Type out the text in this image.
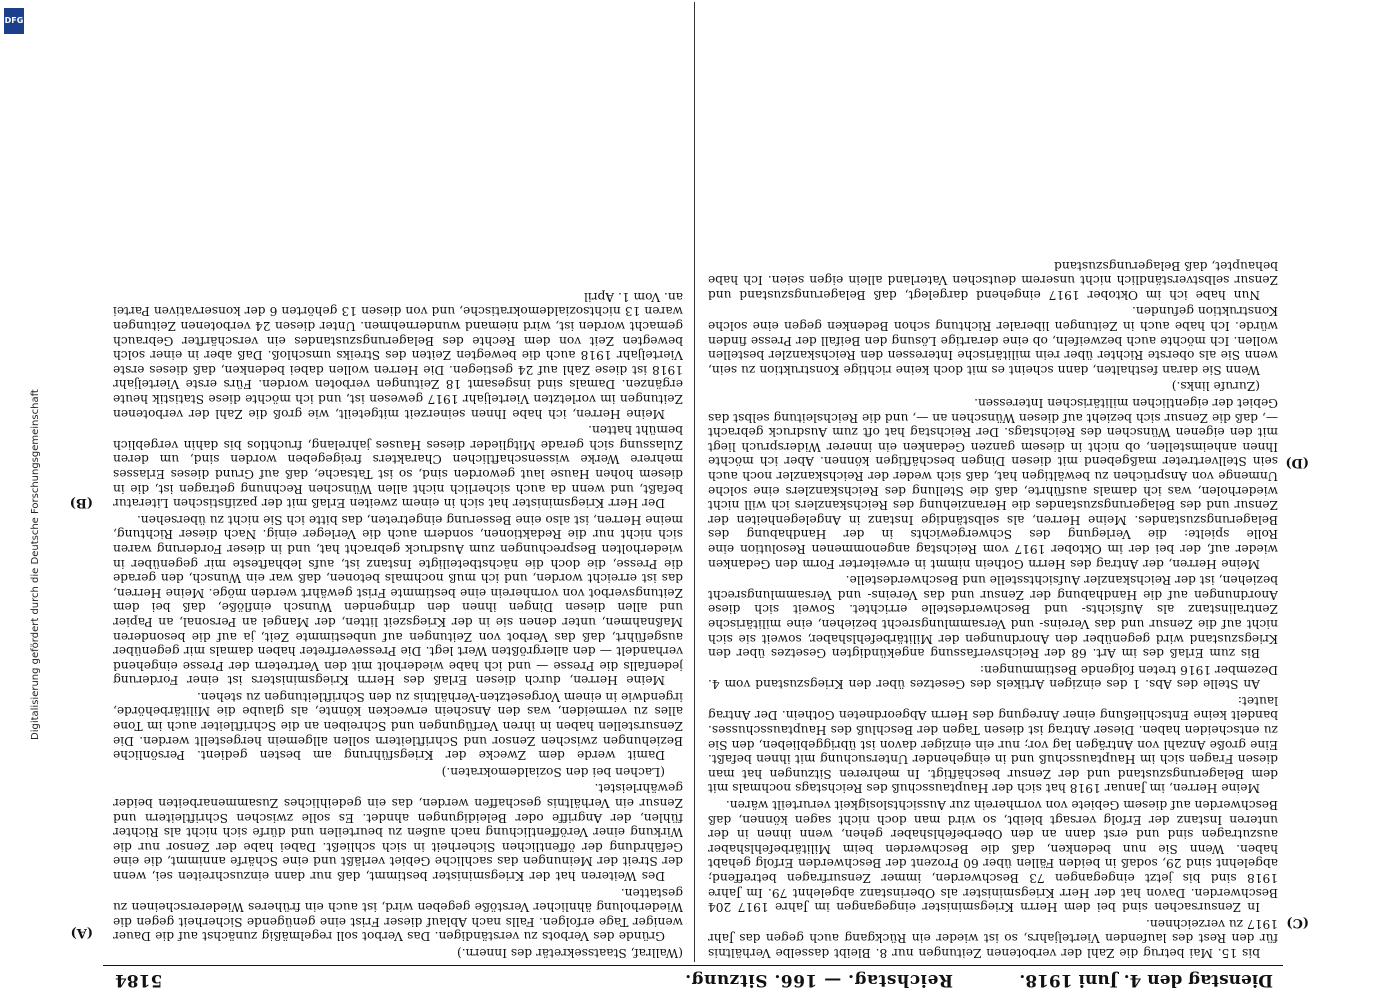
Dienstag den 4. Juni 1918.
Reichstag. — 166. Sitzung.
5184
(A)
(B)
(C)
(D)

bis 15. Mai betrug die Zahl der verbotenen Zeitungen nur 8. Bleibt dasselbe Verhältnis für den Rest des laufenden Vierteljahrs, so ist wieder ein Rückgang auch gegen das Jahr 1917 zu verzeichnen.

In Zensursachen sind bei dem Herrn Kriegsminister eingegangen im Jahre 1917 204 Beschwerden. Davon hat der Herr Kriegsminister als Oberinstanz abgelehnt 79. Im Jahre 1918 sind bis jetzt eingegangen 73 Beschwerden, immer Zensurfragen betreffend; abgelehnt sind 29, sodaß in beiden Fällen über 60 Prozent der Beschwerden Erfolg gehabt haben. Wenn Sie nun bedenken, daß die Beschwerden beim Militärbefehlshaber auszutragen sind und erst dann an den Oberbefehlshaber gehen, wenn ihnen in der unteren Instanz der Erfolg versagt bleibt, so wird man doch nicht sagen können, daß Beschwerden auf diesem Gebiete von vornherein zur Aussichtslosigkeit verurteilt wären.

Meine Herren, im Januar 1918 hat sich der Hauptausschuß des Reichstags nochmals mit dem Belagerungszustand und der Zensur beschäftigt. In mehreren Sitzungen hat man diesen Fragen sich im Hauptausschuß und in eingehender Untersuchung mit ihnen befaßt. Eine große Anzahl von Anträgen lag vor; nur ein einziger davon ist übriggeblieben, den Sie zu entscheiden haben. Dieser Antrag ist diesen Tagen der Beschluß des Hauptausschusses. bandelt keine Entschließung einer Anregung des Herrn Abgeordneten Gothein. Der Antrag lautet:

An Stelle des Abs. 1 des einzigen Artikels des Gesetzes über den Kriegszustand vom 4. Dezember 1916 treten folgende Bestimmungen:

Bis zum Erlaß des im Art. 68 der Reichsverfassung angekündigten Gesetzes über den Kriegszustand wird gegenüber den Anordnungen der Militärbefehlshaber, soweit sie sich nicht auf die Zensur und das Vereins- und Versammlungsrecht beziehen, eine militärische Zentralinstanz als Aufsichts- und Beschwerdestelle errichtet. Soweit sich diese Anordnungen auf die Handhabung der Zensur und das Vereins- und Versammlungsrecht beziehen, ist der Reichskanzler Aufsichtsstelle und Beschwerdestelle.

Meine Herren, der Antrag des Herrn Gothein nimmt in erweiterter Form den Gedanken wieder auf, der bei der im Oktober 1917 vom Reichstag angenommenen Resolution eine Rolle spielte: die Verlegung des Schwergewichts in der Handhabung des Belagerungszustandes. Meine Herren, als selbständige Instanz in Angelegenheiten der Zensur und des Belagerungszustandes die Heranziehung des Reichskanzlers ich will nicht wiederholen, was ich damals ausführte, daß die Stellung des Reichskanzlers eine solche Unmenge von Ansprüchen zu bewältigen hat, daß sich weder der Reichskanzler noch auch sein Stellvertreter maßgebend mit diesen Dingen beschäftigen können. Aber ich möchte Ihnen anheimstellen, ob nicht in diesem ganzen Gedanken ein innerer Widerspruch liegt mit den eigenen Wünschen des Reichstags. Der Reichstag hat oft zum Ausdruck gebracht —, daß die Zensur sich bezieht auf diesen Wünschen an —, und die Reichsleitung selbst das Gebiet der eigentlichen militärischen Interessen.

(Zurufe links.)

Wenn Sie daran festhalten, dann scheint es mit doch keine richtige Konstruktion zu sein, wenn Sie als oberste Richter über rein militärische Interessen den Reichskanzler bestellen wollen. Ich möchte auch bezweifeln, ob eine derartige Lösung den Beifall der Presse finden würde. Ich habe auch in Zeitungen liberaler Richtung schon Bedenken gegen eine solche Konstruktion gefunden.

Nun habe ich im Oktober 1917 eingehend dargelegt, daß Belagerungszustand und Zensur selbstverständlich nicht unserem deutschen Vaterland allein eigen seien. Ich habe behauptet, daß Belagerungszustand

(Wallraf, Staatssekretär des Innern.)

Gründe des Verbots zu verständigen. Das Verbot soll regelmäßig zunächst auf die Dauer weniger Tage erfolgen. Falls nach Ablauf dieser Frist eine genügende Sicherheit gegen die Wiederholung ähnlicher Verstöße gegeben wird, ist auch ein früheres Wiedererscheinen zu gestatten.

Des Weiteren hat der Kriegsminister bestimmt, daß nur dann einzuschreiten sei, wenn der Streit der Meinungen das sachliche Gebiet verläßt und eine Schärfe annimmt, die eine Gefährdung der öffentlichen Sicherheit in sich schließt. Dabei habe der Zensor nur die Wirkung einer Veröffentlichung nach außen zu beurteilen und dürfe sich nicht als Richter fühlen, der Angriffe oder Beleidigungen ahndet. Es solle zwischen Schriftleitern und Zensur ein Verhältnis geschaffen werden, das ein gedeihliches Zusammenarbeiten beider gewährleistet.

(Lachen bei den Sozialdemokraten.)

Damit werde dem Zwecke der Kriegsführung am besten gedient. Persönliche Beziehungen zwischen Zensor und Schriftleitern sollen allgemein hergestellt werden. Die Zensurstellen haben in ihren Verfügungen und Schreiben an die Schriftleiter auch im Tone alles zu vermeiden, was den Anschein erwecken könnte, als glaube die Militärbehörde, irgendwie in einem Vorgesetzten-Verhältnis zu den Schriftleitungen zu stehen.

Meine Herren, durch diesen Erlaß des Herrn Kriegsministers ist einer Forderung jedenfalls die Presse — und ich habe wiederholt mit den Vertretern der Presse eingehend verhandelt — den allergrößten Wert legt. Die Presseverfreter haben damals mir gegenüber ausgeführt, daß das Verbot von Zeitungen auf unbestimmte Zeit, ja auf die besonderen Maßnahmen, unter denen sie in der Kriegszeit litten, der Mangel an Personal, an Papier und allen diesen Dingen ihnen den dringenden Wunsch einflöße, daß bei dem Zeitungsverbot von vornherein eine bestimmte Frist gewährt werden möge. Meine Herren, das ist erreicht worden, und ich muß nochmals betonen, daß war ein Wunsch, den gerade die Presse, die doch die nächstbeteiligte Instanz ist, aufs lebhafteste mir gegenüber in wiederholten Besprechungen zum Ausdruck gebracht hat, und in dieser Forderung waren sich nicht nur die Redaktionen, sondern auch die Verleger einig. Nach dieser Richtung, meine Herren, ist also eine Besserung eingetreten, das bitte ich Sie nicht zu übersehen.

Der Herr Kriegsminister hat sich in einem zweiten Erlaß mit der pazifistischen Literatur befaßt, und wenn da auch sicherlich nicht allen Wünschen Rechnung getragen ist, die in diesem hohen Hause laut geworden sind, so ist Tatsache, daß auf Grund dieses Erlasses mehrere Werke wissenschaftlichen Charakters freigegeben worden sind, um deren Zulassung sich gerade Mitglieder dieses Hauses jahrelang, fruchtlos bis dahin vergeblich bemüht hatten.

Meine Herren, ich habe Ihnen seinerzeit mitgeteilt, wie groß die Zahl der verbotenen Zeitungen im vorletzten Vierteljahr 1917 gewesen ist, und ich möchte diese Statistik heute ergänzen. Damals sind insgesamt 18 Zeitungen verboten worden. Fürs erste Vierteljahr 1918 ist diese Zahl auf 24 gestiegen. Die Herren wollen dabei bedenken, daß dieses erste Vierteljahr 1918 auch die bewegten Zeiten des Streiks umschloß. Daß aber in einer solch bewegten Zeit von dem Rechte des Belagerungszustandes ein verschärfter Gebrauch gemacht worden ist, wird niemand wundernehmen. Unter diesen 24 verbotenen Zeitungen waren 13 nichtsozialdemokratische, und von diesen 13 gehörten 6 der konservativen Partei an. Vom 1. April

DFG
Digitalisierung gefördert durch die Deutsche Forschungsgemeinschaft
